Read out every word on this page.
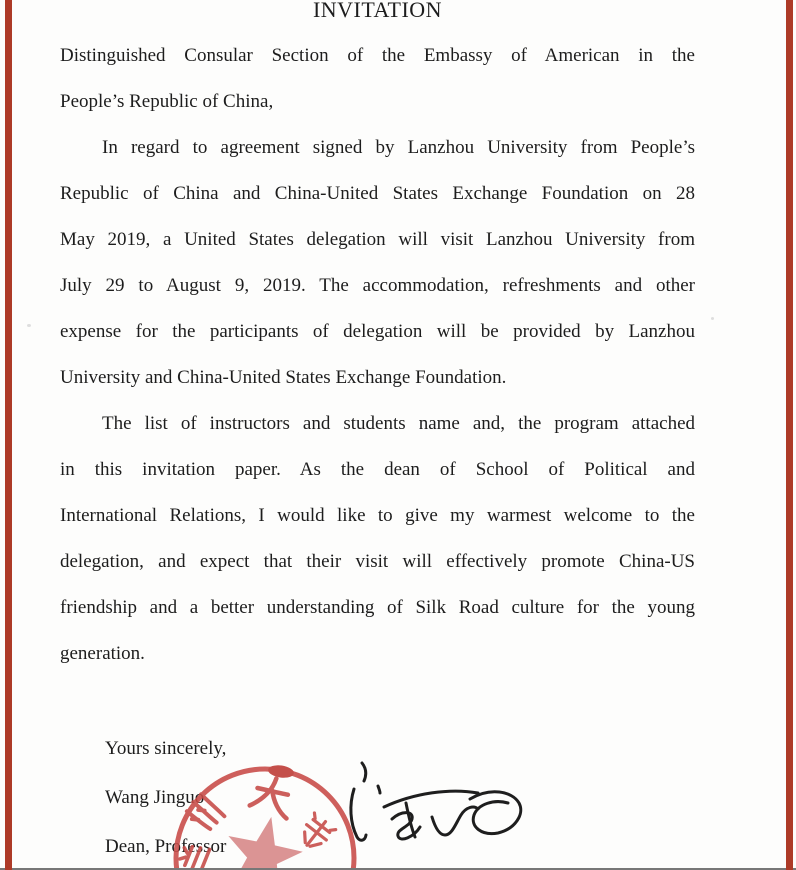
INVITATION
Distinguished Consular Section of the Embassy of American in the
People’s Republic of China,
In regard to agreement signed by Lanzhou University from People’s
Republic of China and China-United States Exchange Foundation on 28
May 2019, a United States delegation will visit Lanzhou University from
July 29 to August 9, 2019. The accommodation, refreshments and other
expense for the participants of delegation will be provided by Lanzhou
University and China-United States Exchange Foundation.
The list of instructors and students name and, the program attached
in this invitation paper. As the dean of School of Political and
International Relations, I would like to give my warmest welcome to the
delegation, and expect that their visit will effectively promote China-US
friendship and a better understanding of Silk Road culture for the young
generation.
Yours sincerely,
Wang Jinguo
Dean, Professor
